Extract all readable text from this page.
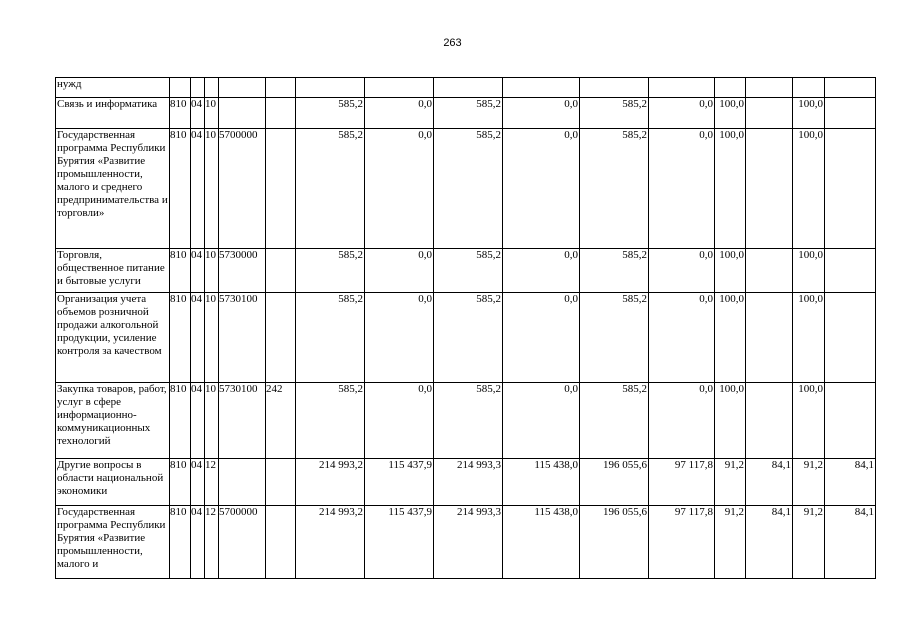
263
нужд															
Связь и информатика	810	04	10			585,2	0,0	585,2	0,0	585,2	0,0	100,0		100,0	
Государственная программа Республики Бурятия «Развитие промышленности, малого и среднего предпринимательства и торговли»	810	04	10	5700000		585,2	0,0	585,2	0,0	585,2	0,0	100,0		100,0	
Торговля, общественное питание и бытовые услуги	810	04	10	5730000		585,2	0,0	585,2	0,0	585,2	0,0	100,0		100,0	
Организация учета объемов розничной продажи алкогольной продукции, усиление контроля за качеством	810	04	10	5730100		585,2	0,0	585,2	0,0	585,2	0,0	100,0		100,0	
Закупка товаров, работ, услуг в сфере информационно-коммуникационных технологий	810	04	10	5730100	242	585,2	0,0	585,2	0,0	585,2	0,0	100,0		100,0	
Другие вопросы в области национальной экономики	810	04	12			214 993,2	115 437,9	214 993,3	115 438,0	196 055,6	97 117,8	91,2	84,1	91,2	84,1
Государственная программа Республики Бурятия «Развитие промышленности, малого и	810	04	12	5700000		214 993,2	115 437,9	214 993,3	115 438,0	196 055,6	97 117,8	91,2	84,1	91,2	84,1
